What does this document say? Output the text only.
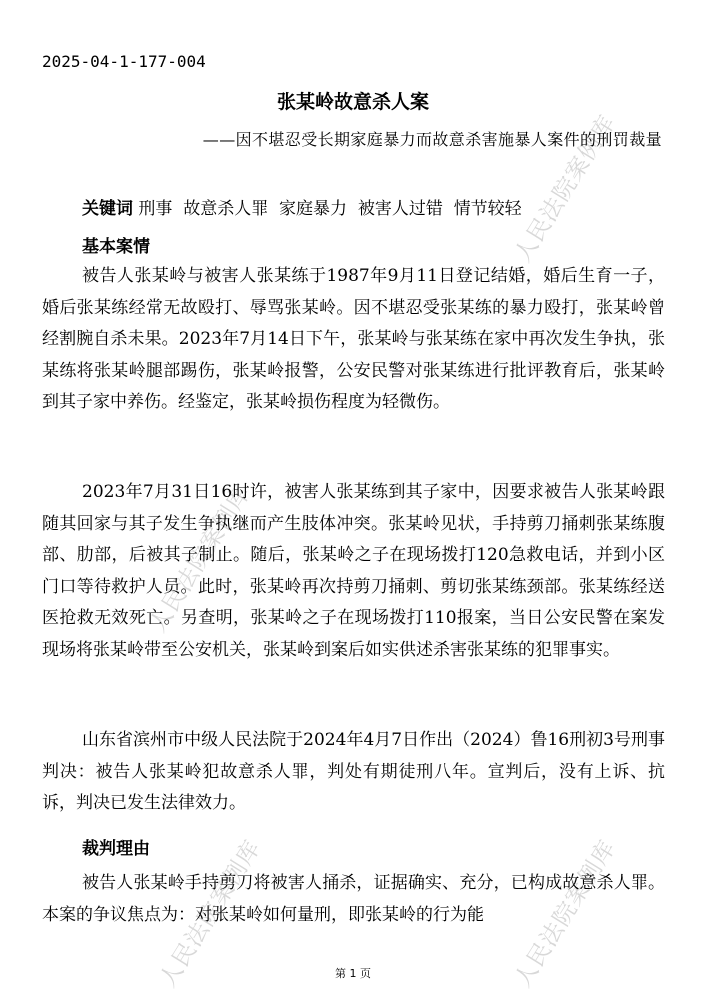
人民法院案例库
人民法院案例库
人民法院案例库	人民法院案例库
2025-04-1-177-004
张某岭故意杀人案
——因不堪忍受长期家庭暴力而故意杀害施暴人案件的刑罚裁量
关键词 刑事  故意杀人罪  家庭暴力  被害人过错  情节较轻
基本案情
被告人张某岭与被害人张某练于1987年9月11日登记结婚，婚后生育一子，婚后张某练经常无故殴打、辱骂张某岭。因不堪忍受张某练的暴力殴打，张某岭曾经割腕自杀未果。2023年7月14日下午，张某岭与张某练在家中再次发生争执，张某练将张某岭腿部踢伤，张某岭报警，公安民警对张某练进行批评教育后，张某岭到其子家中养伤。经鉴定，张某岭损伤程度为轻微伤。
2023年7月31日16时许，被害人张某练到其子家中，因要求被告人张某岭跟随其回家与其子发生争执继而产生肢体冲突。张某岭见状，手持剪刀捅刺张某练腹部、肋部，后被其子制止。随后，张某岭之子在现场拨打120急救电话，并到小区门口等待救护人员。此时，张某岭再次持剪刀捅刺、剪切张某练颈部。张某练经送医抢救无效死亡。另查明，张某岭之子在现场拨打110报案，当日公安民警在案发现场将张某岭带至公安机关，张某岭到案后如实供述杀害张某练的犯罪事实。
山东省滨州市中级人民法院于2024年4月7日作出（2024）鲁16刑初3号刑事判决：被告人张某岭犯故意杀人罪，判处有期徒刑八年。宣判后，没有上诉、抗诉，判决已发生法律效力。
裁判理由
被告人张某岭手持剪刀将被害人捅杀，证据确实、充分，已构成故意杀人罪。本案的争议焦点为：对张某岭如何量刑，即张某岭的行为能
第 1 页
